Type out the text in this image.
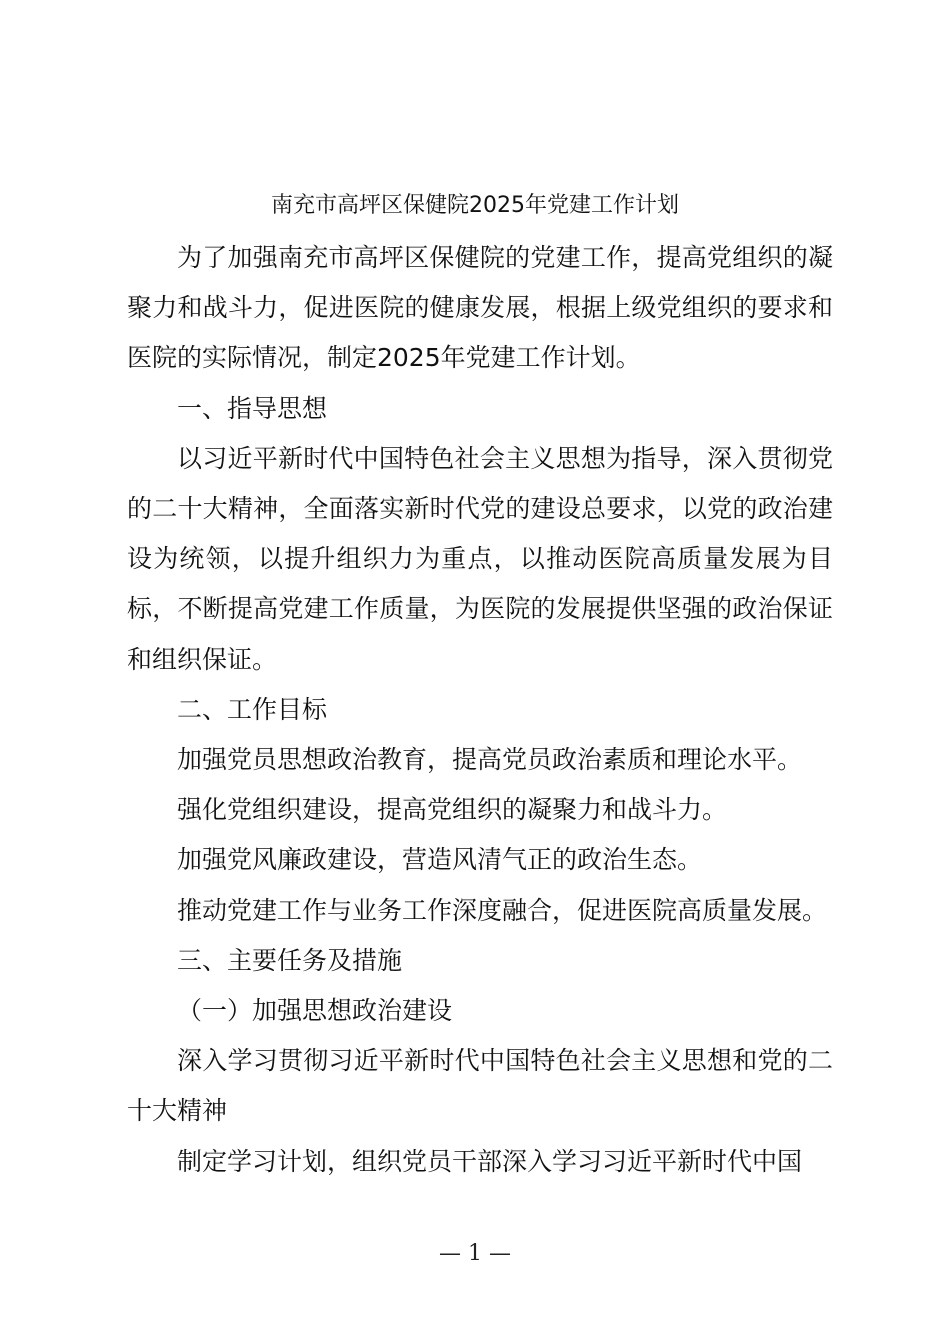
南充市高坪区保健院2025年党建工作计划

为了加强南充市高坪区保健院的党建工作，提高党组织的凝聚力和战斗力，促进医院的健康发展，根据上级党组织的要求和医院的实际情况，制定2025年党建工作计划。

一、指导思想

以习近平新时代中国特色社会主义思想为指导，深入贯彻党的二十大精神，全面落实新时代党的建设总要求，以党的政治建设为统领，以提升组织力为重点，以推动医院高质量发展为目标，不断提高党建工作质量，为医院的发展提供坚强的政治保证和组织保证。

二、工作目标

加强党员思想政治教育，提高党员政治素质和理论水平。

强化党组织建设，提高党组织的凝聚力和战斗力。

加强党风廉政建设，营造风清气正的政治生态。

推动党建工作与业务工作深度融合，促进医院高质量发展。

三、主要任务及措施

（一）加强思想政治建设

深入学习贯彻习近平新时代中国特色社会主义思想和党的二十大精神

制定学习计划，组织党员干部深入学习习近平新时代中国

— 1 —
